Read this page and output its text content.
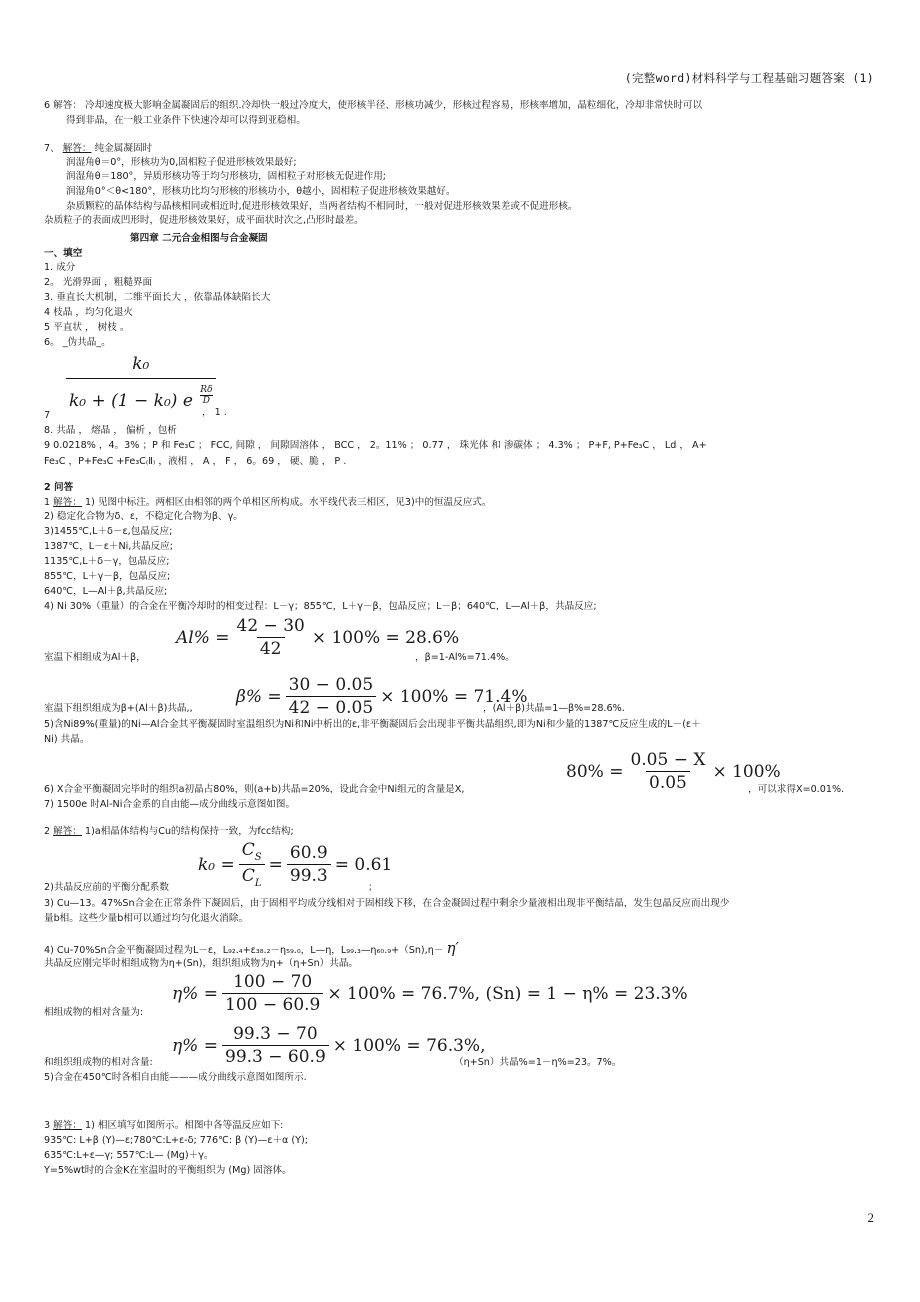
(完整word)材料科学与工程基础习题答案 (1)
6 解答： 冷却速度极大影响金属凝固后的组织.冷却快一般过冷度大，使形核半径、形核功减少，形核过程容易，形核率增加，晶粒细化，冷却非常快时可以
得到非晶，在一般工业条件下快速冷却可以得到亚稳相。
7、 解答： 纯金属凝固时
润湿角θ＝0°，形核功为0,固相粒子促进形核效果最好;
润湿角θ＝180°，异质形核功等于均匀形核功，固相粒子对形核无促进作用;
润湿角0°＜θ<180°，形核功比均匀形核的形核功小，θ越小，固相粒子促进形核效果越好。
杂质颗粒的晶体结构与晶核相同或相近时,促进形核效果好，当两者结构不相同时，一般对促进形核效果差或不促进形核。
杂质粒子的表面成凹形时，促进形核效果好，成平面状时次之,凸形时最差。
第四章 二元合金相图与合金凝固
一、填空
1. 成分
2。 光滑界面 ，粗糙界面
3. 垂直长大机制，二维平面长大 ，依靠晶体缺陷长大
4 枝晶 ，均匀化退火
5 平直状 ， 树枝 。
6。 _伪共晶_。
$\frac{\text{k₀}}{k_0 + (1 - k_0) e \frac{R\delta}{D}}$
7	， 1 .
8. 共晶 ， 熔晶 ， 偏析 ，包析
9 0.0218% ，4。3% ；P 和 Fe₃C ； FCC, 间隙 ， 间隙固溶体 ， BCC ， 2。11% ； 0.77 ， 珠光体 和 渗碳体 ； 4.3% ； P+F, P+Fe₃C ， Ld ， A+
Fe₃C ，P+Fe₃C +Fe₃C₍Ⅱ₎ ，液相 ， A ， F ， 6。69 ， 硬、脆 ， P .
2 问答
1 解答： 1) 见图中标注。两相区由相邻的两个单相区所构成。水平线代表三相区，见3)中的恒温反应式。
2) 稳定化合物为δ、ε，不稳定化合物为β、γ。
3)1455℃,L＋δ－ε,包晶反应;
1387℃，L－ε＋Ni,共晶反应;
1135℃,L＋δ－γ，包晶反应;
855℃，L＋γ－β，包晶反应;
640℃，L—Al＋β,共晶反应;
4) Ni 30%（重量）的合金在平衡冷却时的相变过程：L－γ；855℃，L＋γ－β，包晶反应；L－β；640℃，L—Al＋β，共晶反应;
$Al\% = \frac{42 - 30}{42} \times 100\% = 28.6\%$
室温下相组成为Al＋β，	，β=1-Al%=71.4%。
$\beta\% = \frac{30 - 0.05}{42 - 0.05} \times 100\% = 71.4\%$
室温下组织组成为β+(Al＋β)共晶,,	，(Al＋β)共晶=1—β%=28.6%.
5)含Ni89%(重量)的Ni—Al合金其平衡凝固时室温组织为Ni和Ni中析出的ε,非平衡凝固后会出现非平衡共晶组织,即为Ni和少量的1387℃反应生成的L－(ε＋
Ni) 共晶。
$80\% = \frac{0.05 - X}{0.05} \times 100\%$
6) X合金平衡凝固完毕时的组织a初晶占80%，则(a+b)共晶=20%，设此合金中Ni组元的含量是X,	，可以求得X=0.01%.
7) 1500e 时Al-Ni合金系的自由能—成分曲线示意图如图。
2 解答： 1)a相晶体结构与Cu的结构保持一致，为fcc结构;
$k_0 = \frac{C_S}{C_L} = \frac{60.9}{99.3} = 0.61$
2)共晶反应前的平衡分配系数	；
3) Cu—13。47%Sn合金在正常条件下凝固后，由于固相平均成分线相对于固相线下移，在合金凝固过程中剩余少量液相出现非平衡结晶，发生包晶反应而出现少
量b相。这些少量b相可以通过均匀化退火消除。
4) Cu-70%Sn合金平衡凝固过程为L－ε，L₉₂.₄+ε₃₈.₂－η₅₉.₀，L—η，L₉₉.₃—η₆₀.₉+（Sn),η－ η′
共晶反应刚完毕时相组成物为η+(Sn)，组织组成物为η+（η+Sn）共晶。
$\eta\% = \frac{100 - 70}{100 - 60.9} \times 100\% = 76.7\%$, (Sn) = 1 − η% = 23.3%
相组成物的相对含量为:
$\eta\% = \frac{99.3 - 70}{99.3 - 60.9} \times 100\% = 76.3\%$,
和组织组成物的相对含量:	（η+Sn）共晶%=1－η%=23。7%。
5)合金在450℃时各相自由能———成分曲线示意图如图所示.
3 解答： 1) 相区填写如图所示。相图中各等温反应如下:
935℃: L+β (Y)—ε;780℃:L+ε-δ; 776℃: β (Y)—ε＋α (Y);
635℃:L+ε—γ; 557℃:L— (Mg)＋γ。
Y=5%wt时的合金K在室温时的平衡组织为 (Mg) 固溶体。
2
